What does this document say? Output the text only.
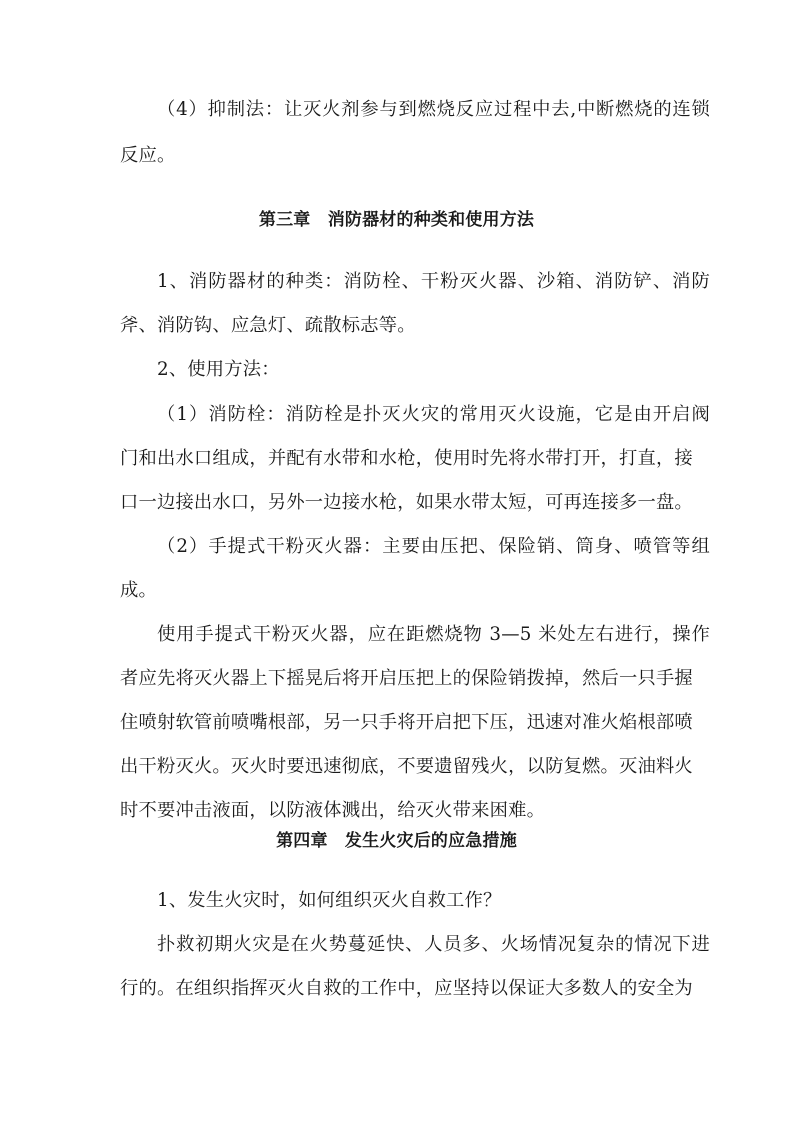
（4）抑制法：让灭火剂参与到燃烧反应过程中去,中断燃烧的连锁
反应。
第三章　消防器材的种类和使用方法
1、消防器材的种类：消防栓、干粉灭火器、沙箱、消防铲、消防
斧、消防钩、应急灯、疏散标志等。
2、使用方法：
（1）消防栓：消防栓是扑灭火灾的常用灭火设施，它是由开启阀
门和出水口组成，并配有水带和水枪，使用时先将水带打开，打直，接
口一边接出水口，另外一边接水枪，如果水带太短，可再连接多一盘。
（2）手提式干粉灭火器：主要由压把、保险销、筒身、喷管等组
成。
使用手提式干粉灭火器，应在距燃烧物 3—5 米处左右进行，操作
者应先将灭火器上下摇晃后将开启压把上的保险销拨掉，然后一只手握
住喷射软管前喷嘴根部，另一只手将开启把下压，迅速对准火焰根部喷
出干粉灭火。灭火时要迅速彻底，不要遗留残火，以防复燃。灭油料火
时不要冲击液面，以防液体溅出，给灭火带来困难。
第四章　发生火灾后的应急措施
1、发生火灾时，如何组织灭火自救工作？
扑救初期火灾是在火势蔓延快、人员多、火场情况复杂的情况下进
行的。在组织指挥灭火自救的工作中，应坚持以保证大多数人的安全为
